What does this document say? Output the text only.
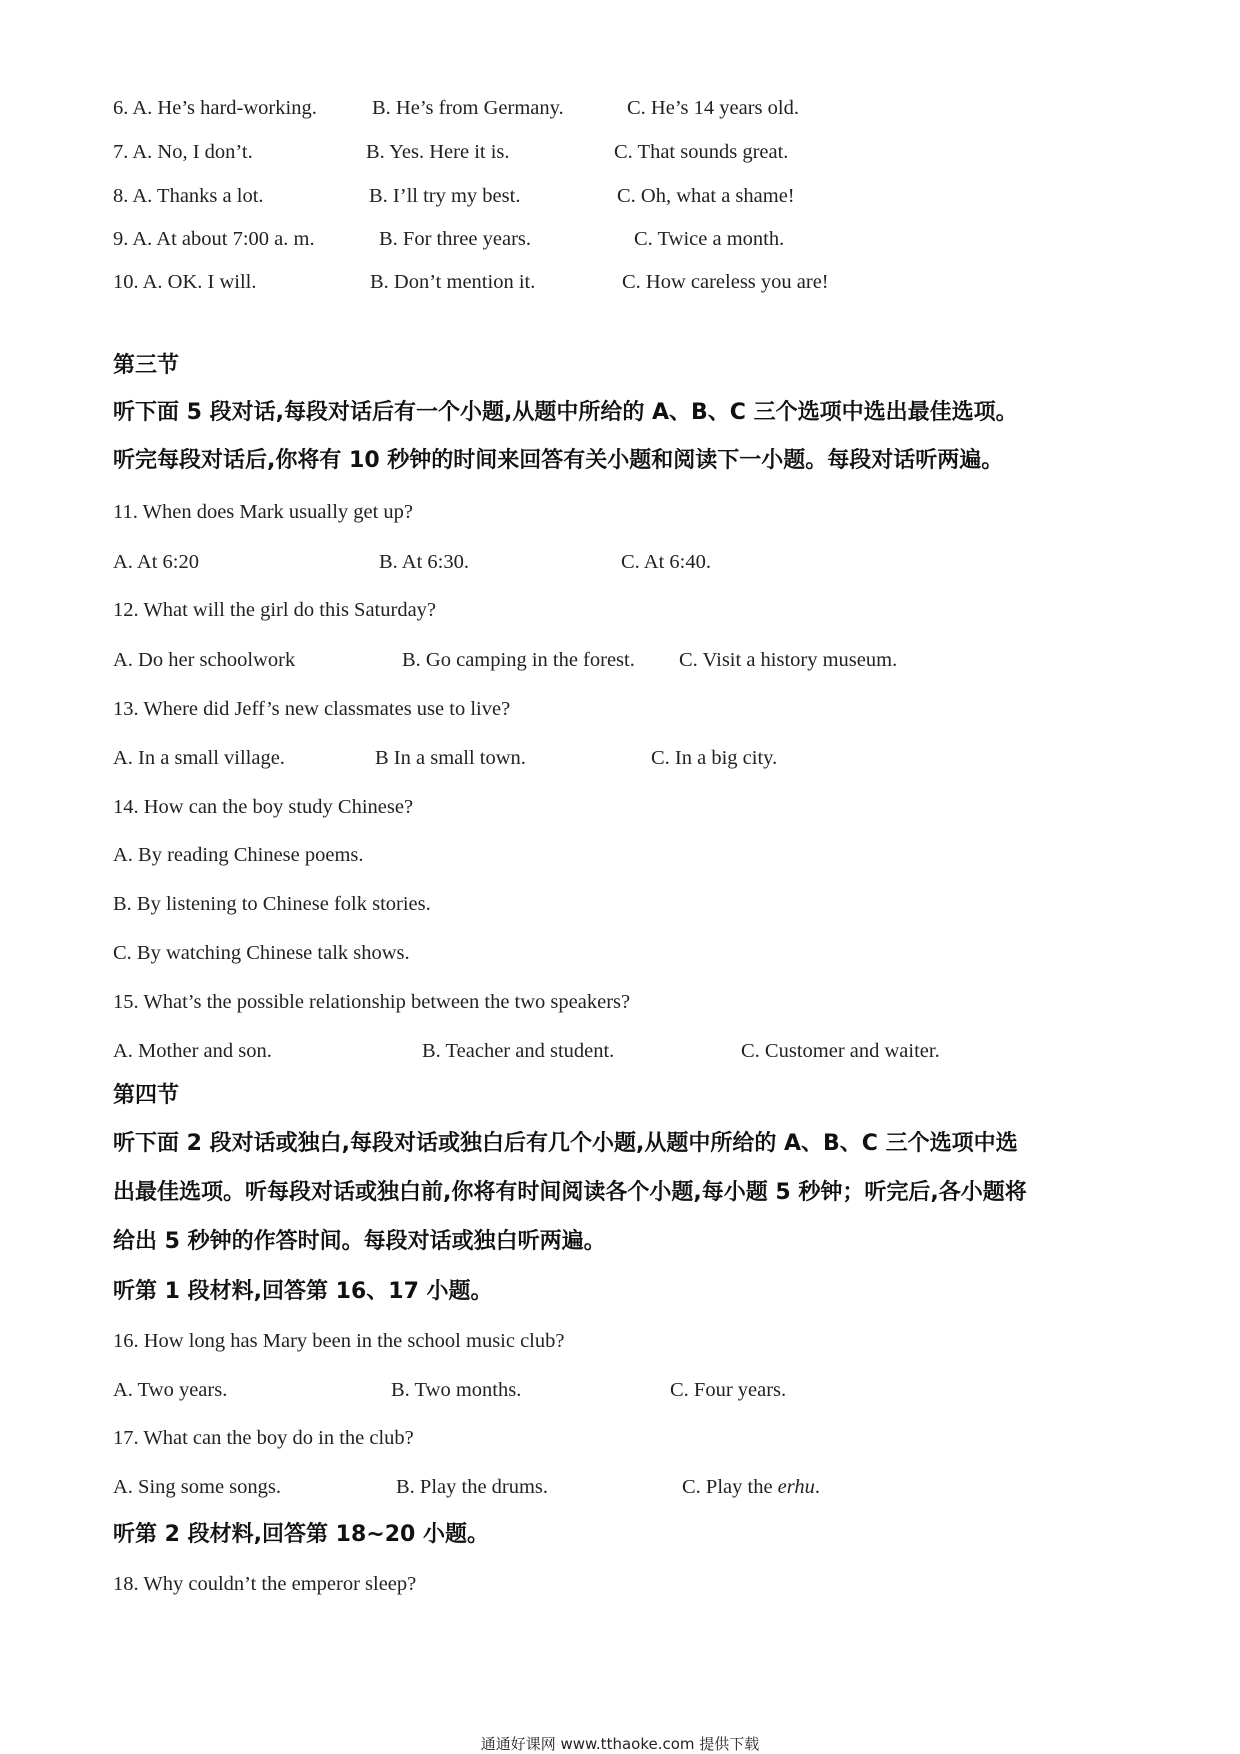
6. A. He’s hard-working.	B. He’s from Germany.	C. He’s 14 years old.
7. A. No, I don’t.	B. Yes. Here it is.	C. That sounds great.
8. A. Thanks a lot.	B. I’ll try my best.	C. Oh, what a shame!
9. A. At about 7:00 a. m.	B. For three years.	C. Twice a month.
10. A. OK. I will.	B. Don’t mention it.	C. How careless you are!
第三节
听下面 5 段对话,每段对话后有一个小题,从题中所给的 A、B、C 三个选项中选出最佳选项。
听完每段对话后,你将有 10 秒钟的时间来回答有关小题和阅读下一小题。每段对话听两遍。
11. When does Mark usually get up?
A. At 6:20	B. At 6:30.	C. At 6:40.
12. What will the girl do this Saturday?
A. Do her schoolwork	B. Go camping in the forest. C. Visit a history museum.
13. Where did Jeff’s new classmates use to live?
A. In a small village.	B In a small town.	C. In a big city.
14. How can the boy study Chinese?
A. By reading Chinese poems.
B. By listening to Chinese folk stories.
C. By watching Chinese talk shows.
15. What’s the possible relationship between the two speakers?
A. Mother and son.	B. Teacher and student.	C. Customer and waiter.
第四节
听下面 2 段对话或独白,每段对话或独白后有几个小题,从题中所给的 A、B、C 三个选项中选
出最佳选项。听每段对话或独白前,你将有时间阅读各个小题,每小题 5 秒钟；听完后,各小题将
给出 5 秒钟的作答时间。每段对话或独白听两遍。
听第 1 段材料,回答第 16、17 小题。
16. How long has Mary been in the school music club?
A. Two years.	B. Two months.	C. Four years.
17. What can the boy do in the club?
A. Sing some songs.	B. Play the drums.	C. Play the erhu.
听第 2 段材料,回答第 18~20 小题。
18. Why couldn’t the emperor sleep?
通通好课网 www.tthaoke.com 提供下载
